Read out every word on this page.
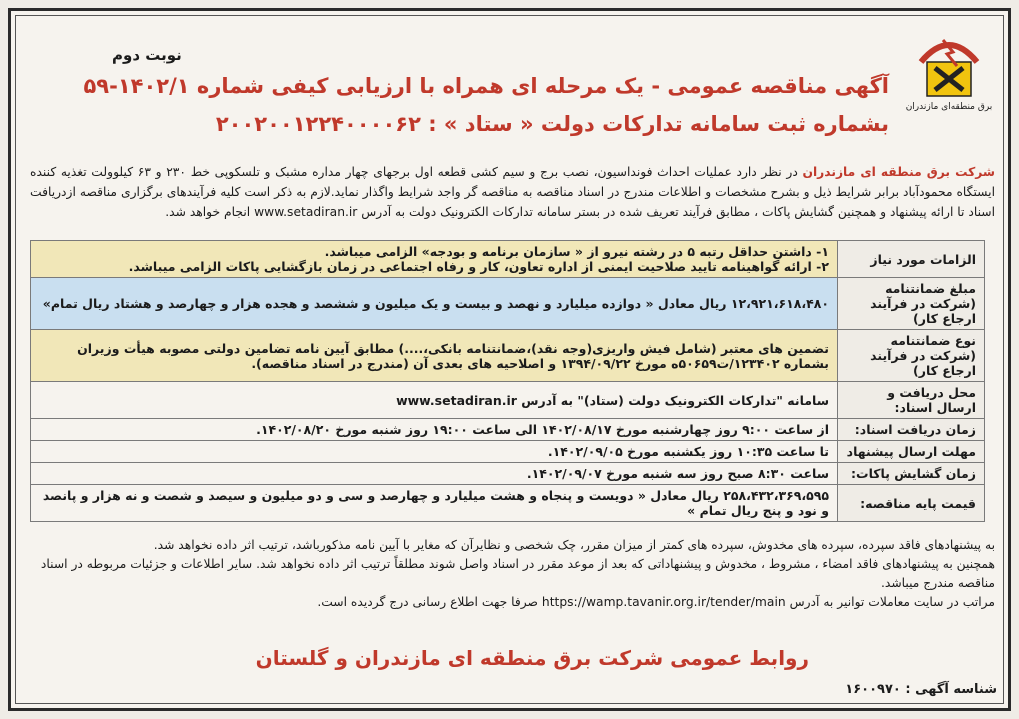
برق منطقه‌ای مازندران
نوبت دوم
آگهی مناقصه عمومی - یک مرحله ای همراه با ارزیابی کیفی شماره ۱۴۰۲/۱-۵۹
بشماره ثبت سامانه تدارکات دولت « ستاد » : ۲۰۰۲۰۰۱۲۲۴۰۰۰۰۶۲
شرکت برق منطقه ای مازندران در نظر دارد عملیات احداث فونداسیون، نصب برج و سیم کشی قطعه اول برجهای چهار مداره مشبک و تلسکوپی خط ۲۳۰ و ۶۳ کیلوولت تغذیه کننده ایستگاه محمودآباد برابر شرایط ذیل و بشرح مشخصات و اطلاعات مندرج در اسناد مناقصه به مناقصه گر واجد شرایط واگذار نماید.لازم به ذکر است کلیه فرآیندهای برگزاری مناقصه ازدریافت اسناد تا ارائه پیشنهاد و همچنین گشایش پاکات ، مطابق فرآیند تعریف شده در بستر سامانه تدارکات الکترونیک دولت به آدرس www.setadiran.ir انجام خواهد شد.
الزامات مورد نیاز	۱- داشتن حداقل رتبه ۵ در رشته نیرو از « سازمان برنامه و بودجه» الزامی میباشد.
۲- ارائه گواهینامه تایید صلاحیت ایمنی از اداره تعاون، کار و رفاه اجتماعی در زمان بازگشایی پاکات الزامی میباشد.

مبلغ ضمانتنامه (شرکت در فرآیند ارجاع کار)	۱۲،۹۲۱،۶۱۸،۴۸۰ ریال معادل « دوازده میلیارد و نهصد و بیست و یک میلیون و ششصد و هجده هزار و چهارصد و هشتاد ریال تمام»
نوع ضمانتنامه (شرکت در فرآیند ارجاع کار)	تضمین های معتبر (شامل فیش واریزی(وجه نقد)،ضمانتنامه بانکی،....) مطابق آیین نامه تضامین دولتی مصوبه هیأت وزیران بشماره ۱۲۳۴۰۲/ت۵۰۶۵۹ه مورخ ۱۳۹۴/۰۹/۲۲ و اصلاحیه های بعدی آن (مندرج در اسناد مناقصه).
محل دریافت و ارسال اسناد:	سامانه "تدارکات الکترونیک دولت (ستاد)" به آدرس www.setadiran.ir
زمان دریافت اسناد:	از ساعت ۹:۰۰ روز چهارشنبه مورخ ۱۴۰۲/۰۸/۱۷ الی ساعت ۱۹:۰۰ روز شنبه مورخ ۱۴۰۲/۰۸/۲۰.
مهلت ارسال پیشنهاد	تا ساعت ۱۰:۳۵ روز یکشنبه مورخ ۱۴۰۲/۰۹/۰۵.
زمان گشایش پاکات:	ساعت ۸:۳۰ صبح روز سه شنبه مورخ ۱۴۰۲/۰۹/۰۷.
قیمت پایه مناقصه:	۲۵۸،۴۳۲،۳۶۹،۵۹۵ ریال معادل « دویست و پنجاه و هشت میلیارد و چهارصد و سی و دو میلیون و سیصد و شصت و نه هزار و پانصد و نود و پنج ریال تمام »

به پیشنهادهای فاقد سپرده، سپرده های مخدوش، سپرده های کمتر از میزان مقرر، چک شخصی و نظایرآن که مغایر با آیین نامه مذکورباشد، ترتیب اثر داده نخواهد شد.

همچنین به پیشنهادهای فاقد امضاء ، مشروط ، مخدوش و پیشنهاداتی که بعد از موعد مقرر در اسناد واصل شوند مطلقاً ترتیب اثر داده نخواهد شد. سایر اطلاعات و جزئیات مربوطه در اسناد مناقصه مندرج میباشد.

مراتب در سایت معاملات توانیر به آدرس https://wamp.tavanir.org.ir/tender/main صرفا جهت اطلاع رسانی درج گردیده است.

روابط عمومی شرکت برق منطقه ای مازندران و گلستان
شناسه آگهی : ۱۶۰۰۹۷۰
